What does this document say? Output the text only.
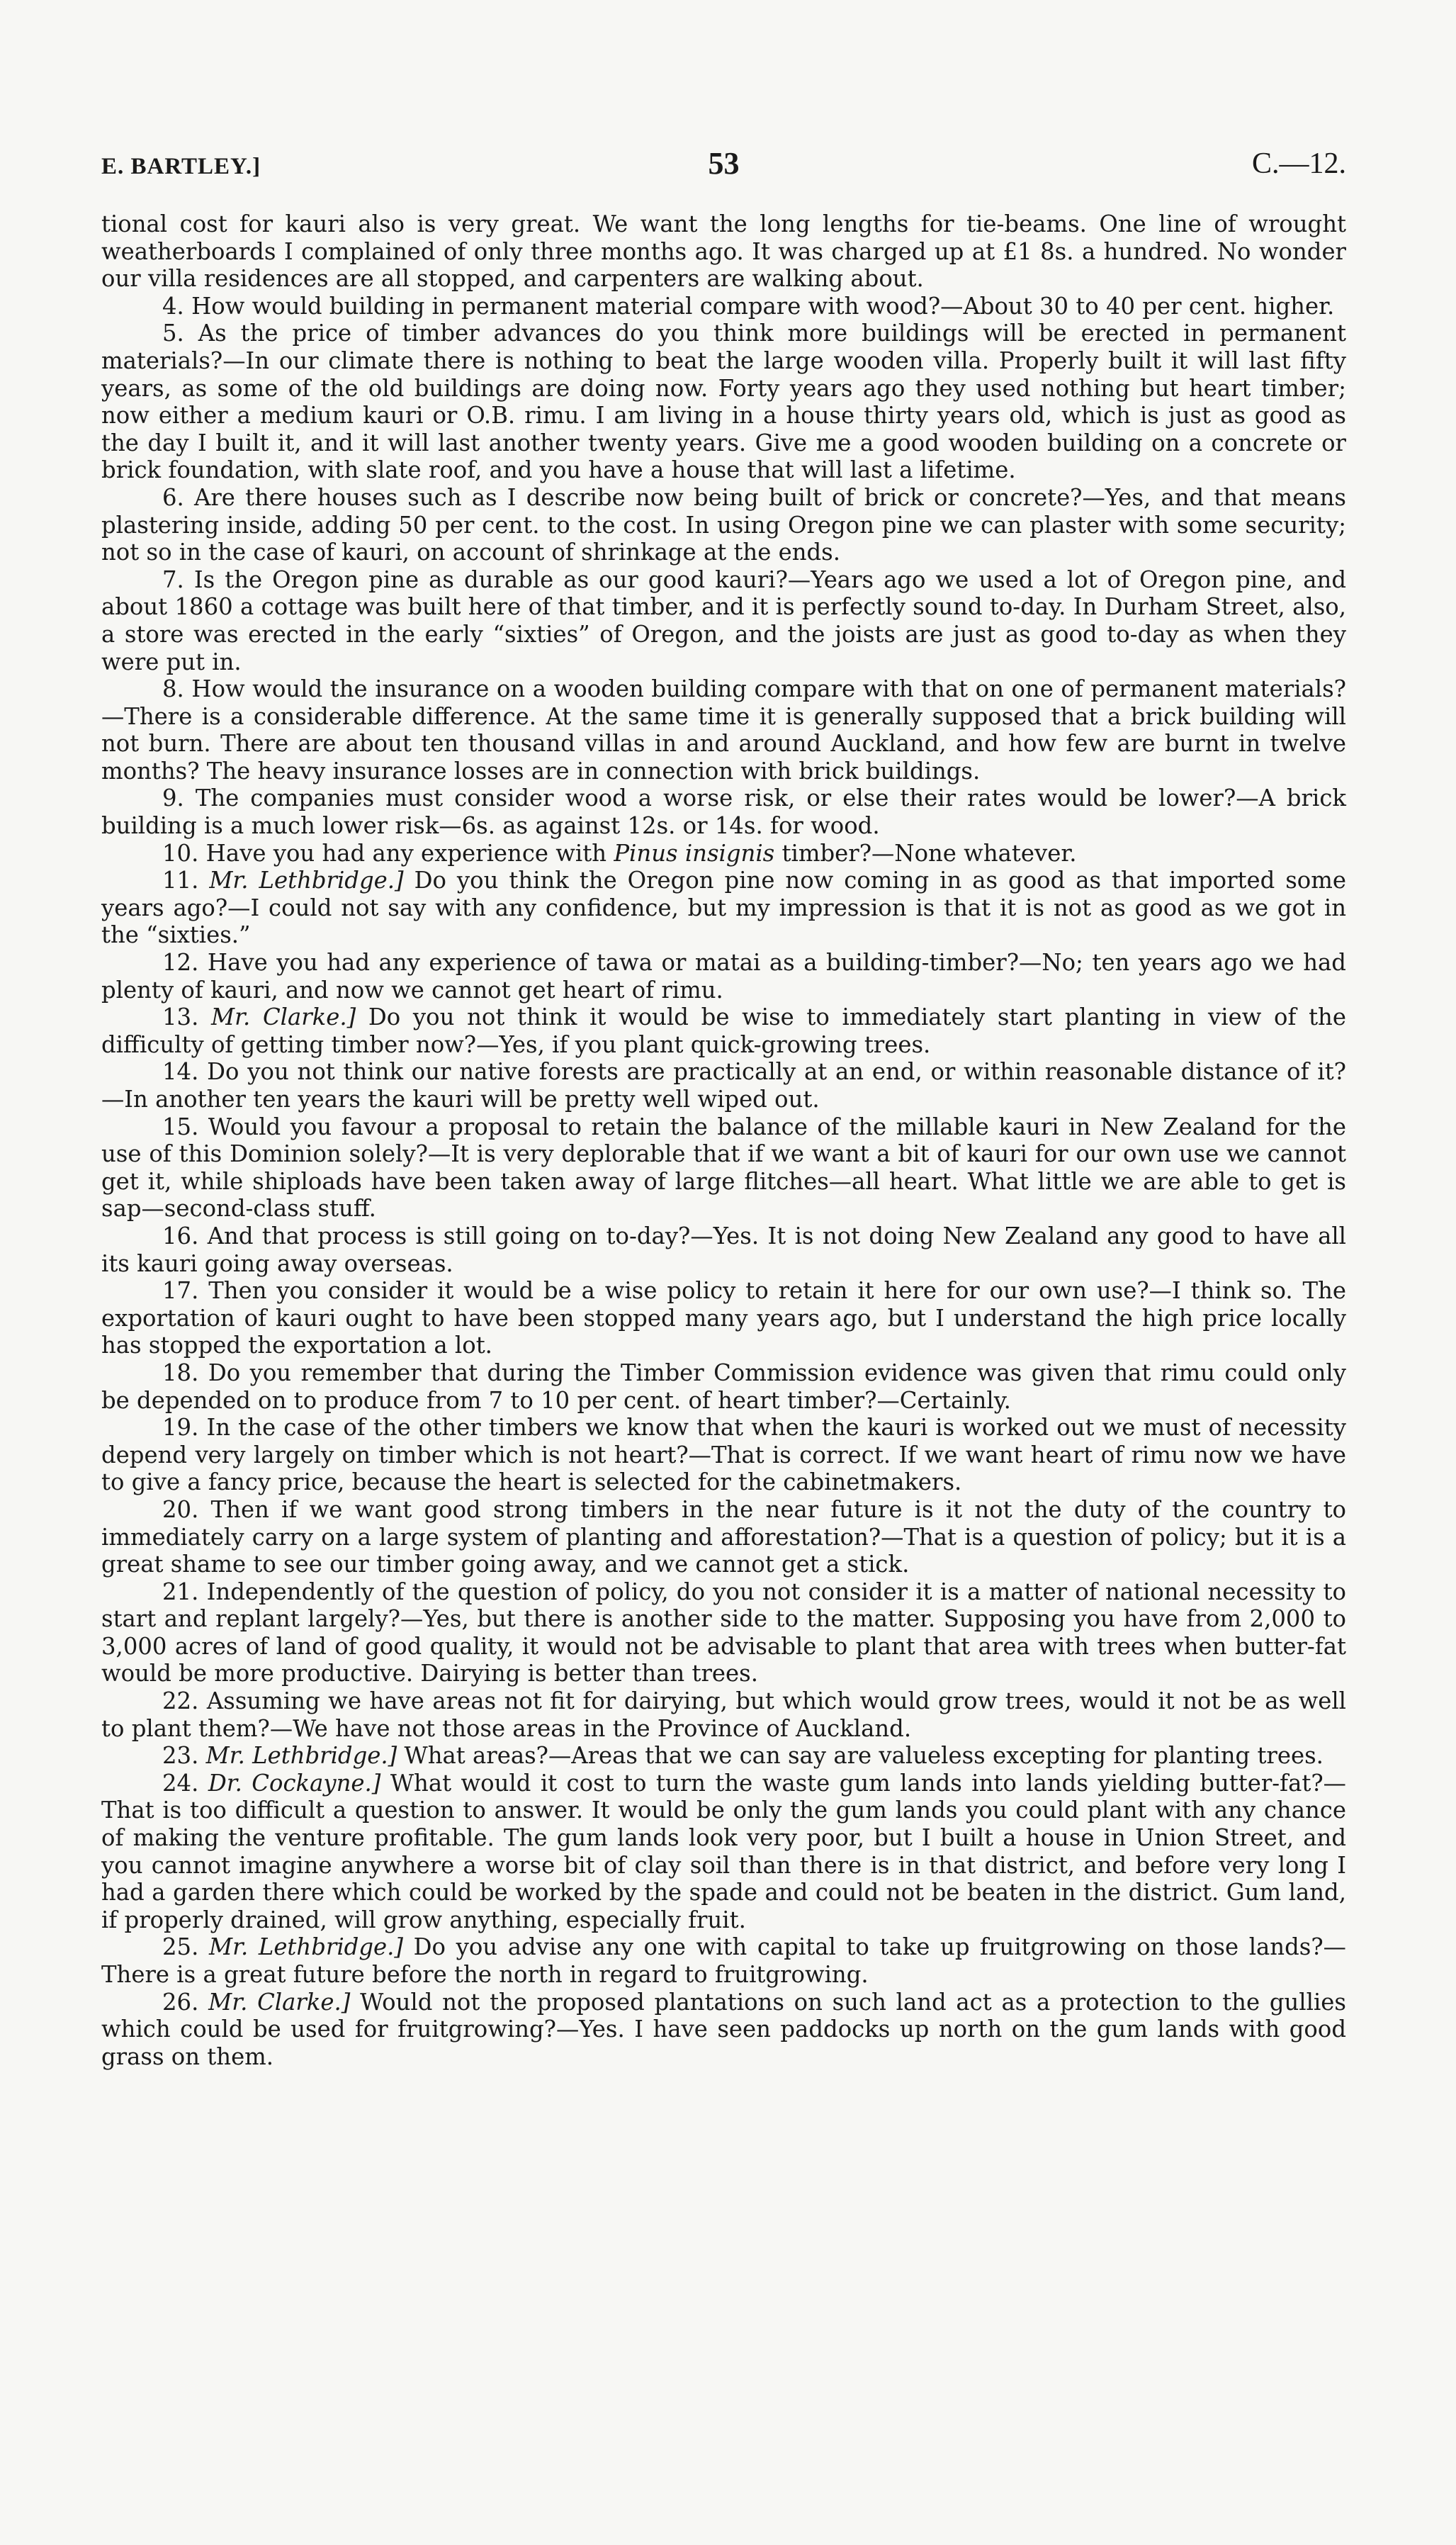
E. BARTLEY.]	53	C.—12.

tional cost for kauri also is very great. We want the long lengths for tie-beams. One line of wrought weatherboards I complained of only three months ago. It was charged up at £1 8s. a hundred. No wonder our villa residences are all stopped, and carpenters are walking about.

4. How would building in permanent material compare with wood?—About 30 to 40 per cent. higher.

5. As the price of timber advances do you think more buildings will be erected in permanent materials?—In our climate there is nothing to beat the large wooden villa. Properly built it will last fifty years, as some of the old buildings are doing now. Forty years ago they used nothing but heart timber; now either a medium kauri or O.B. rimu. I am living in a house thirty years old, which is just as good as the day I built it, and it will last another twenty years. Give me a good wooden building on a concrete or brick foundation, with slate roof, and you have a house that will last a lifetime.

6. Are there houses such as I describe now being built of brick or concrete?—Yes, and that means plastering inside, adding 50 per cent. to the cost. In using Oregon pine we can plaster with some security; not so in the case of kauri, on account of shrinkage at the ends.

7. Is the Oregon pine as durable as our good kauri?—Years ago we used a lot of Oregon pine, and about 1860 a cottage was built here of that timber, and it is perfectly sound to-day. In Durham Street, also, a store was erected in the early “sixties” of Oregon, and the joists are just as good to-day as when they were put in.

8. How would the insurance on a wooden building compare with that on one of permanent materials?—There is a considerable difference. At the same time it is generally supposed that a brick building will not burn. There are about ten thousand villas in and around Auckland, and how few are burnt in twelve months? The heavy insurance losses are in connection with brick buildings.

9. The companies must consider wood a worse risk, or else their rates would be lower?—A brick building is a much lower risk—6s. as against 12s. or 14s. for wood.

10. Have you had any experience with Pinus insignis timber?—None whatever.

11. Mr. Lethbridge.] Do you think the Oregon pine now coming in as good as that imported some years ago?—I could not say with any confidence, but my impression is that it is not as good as we got in the “sixties.”

12. Have you had any experience of tawa or matai as a building-timber?—No; ten years ago we had plenty of kauri, and now we cannot get heart of rimu.

13. Mr. Clarke.] Do you not think it would be wise to immediately start planting in view of the difficulty of getting timber now?—Yes, if you plant quick-growing trees.

14. Do you not think our native forests are practically at an end, or within reasonable distance of it?—In another ten years the kauri will be pretty well wiped out.

15. Would you favour a proposal to retain the balance of the millable kauri in New Zealand for the use of this Dominion solely?—It is very deplorable that if we want a bit of kauri for our own use we cannot get it, while shiploads have been taken away of large flitches—all heart. What little we are able to get is sap—second-class stuff.

16. And that process is still going on to-day?—Yes. It is not doing New Zealand any good to have all its kauri going away overseas.

17. Then you consider it would be a wise policy to retain it here for our own use?—I think so. The exportation of kauri ought to have been stopped many years ago, but I understand the high price locally has stopped the exportation a lot.

18. Do you remember that during the Timber Commission evidence was given that rimu could only be depended on to produce from 7 to 10 per cent. of heart timber?—Certainly.

19. In the case of the other timbers we know that when the kauri is worked out we must of necessity depend very largely on timber which is not heart?—That is correct. If we want heart of rimu now we have to give a fancy price, because the heart is selected for the cabinetmakers.

20. Then if we want good strong timbers in the near future is it not the duty of the country to immediately carry on a large system of planting and afforestation?—That is a question of policy; but it is a great shame to see our timber going away, and we cannot get a stick.

21. Independently of the question of policy, do you not consider it is a matter of national necessity to start and replant largely?—Yes, but there is another side to the matter. Supposing you have from 2,000 to 3,000 acres of land of good quality, it would not be advisable to plant that area with trees when butter-fat would be more productive. Dairying is better than trees.

22. Assuming we have areas not fit for dairying, but which would grow trees, would it not be as well to plant them?—We have not those areas in the Province of Auckland.

23. Mr. Lethbridge.] What areas?—Areas that we can say are valueless excepting for planting trees.

24. Dr. Cockayne.] What would it cost to turn the waste gum lands into lands yielding butter-fat?—That is too difficult a question to answer. It would be only the gum lands you could plant with any chance of making the venture profitable. The gum lands look very poor, but I built a house in Union Street, and you cannot imagine anywhere a worse bit of clay soil than there is in that district, and before very long I had a garden there which could be worked by the spade and could not be beaten in the district. Gum land, if properly drained, will grow anything, especially fruit.

25. Mr. Lethbridge.] Do you advise any one with capital to take up fruitgrowing on those lands?—There is a great future before the north in regard to fruitgrowing.

26. Mr. Clarke.] Would not the proposed plantations on such land act as a protection to the gullies which could be used for fruitgrowing?—Yes. I have seen paddocks up north on the gum lands with good grass on them.
